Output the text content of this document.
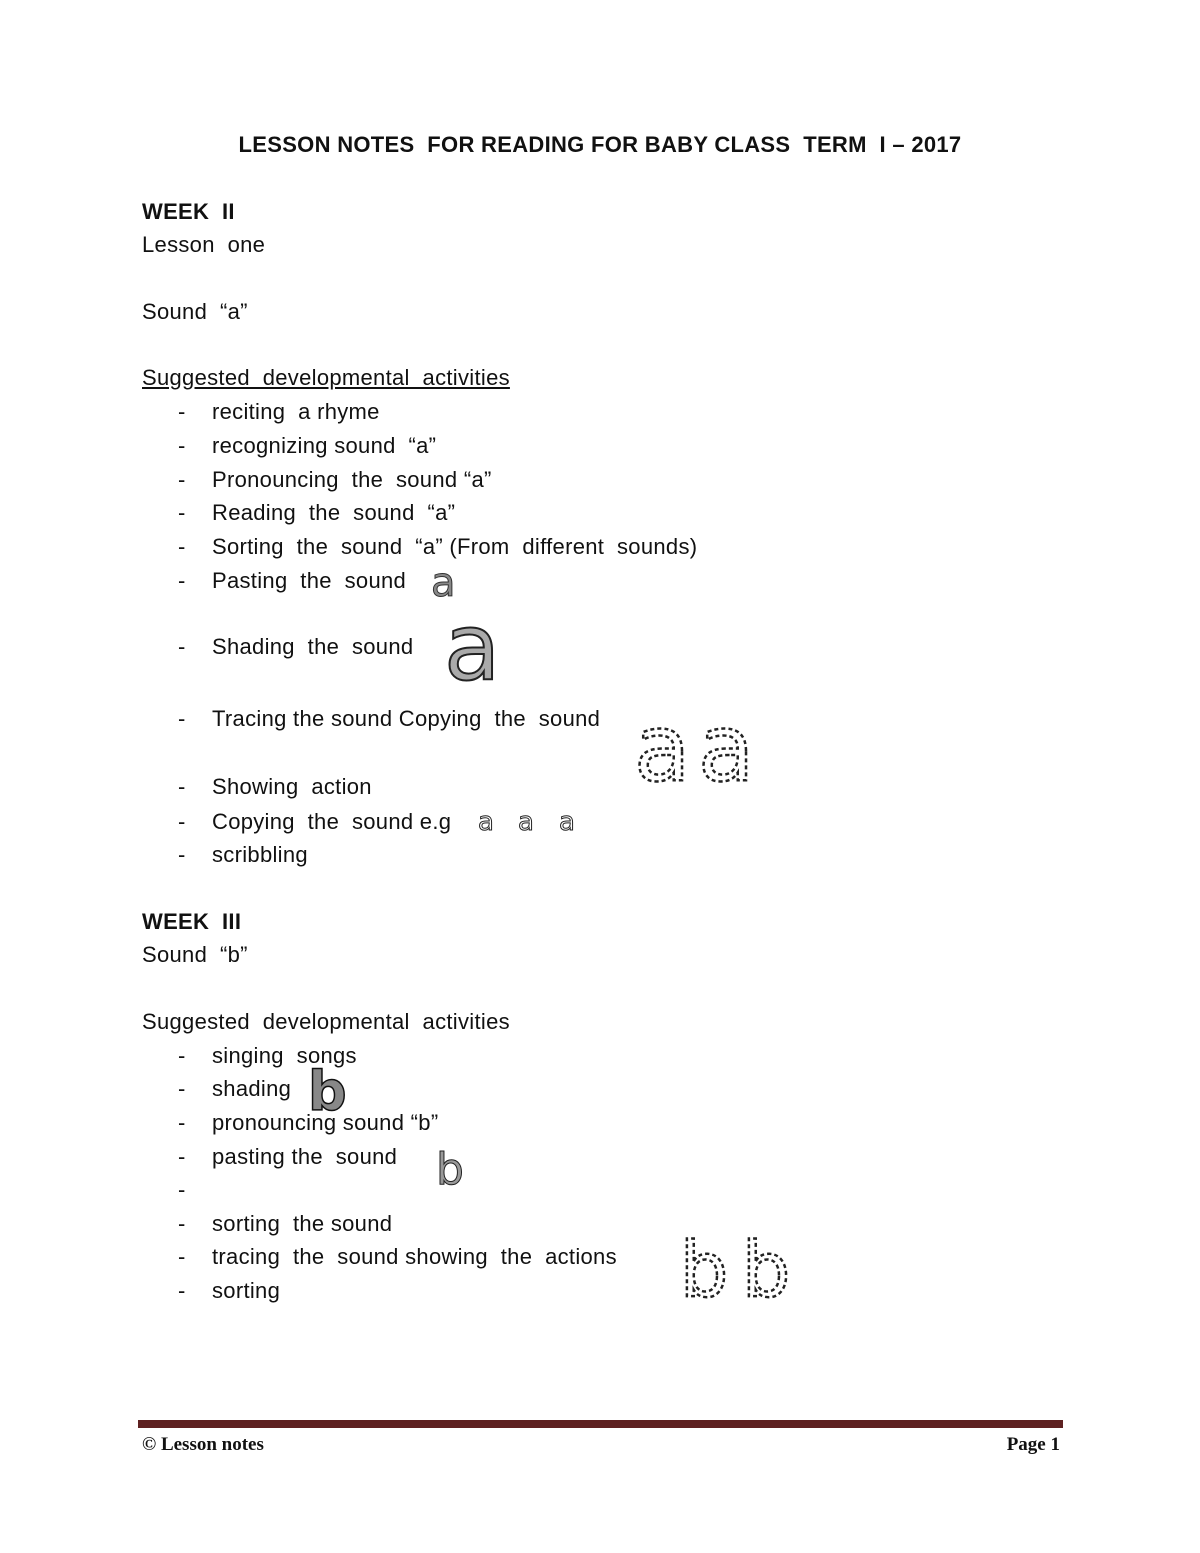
LESSON NOTES  FOR READING FOR BABY CLASS  TERM  I – 2017
WEEK  II
Lesson  one
Sound  “a”
Suggested  developmental  activities
- reciting  a rhyme
- recognizing sound  “a”
- Pronouncing  the  sound “a”
- Reading  the  sound  “a”
- Sorting  the  sound  “a” (From  different  sounds)
- Pasting  the  sound
- Shading  the  sound
- Tracing the sound Copying  the  sound
- Showing  action
- Copying  the  sound e.g
- scribbling
a
a
a a
a a a
WEEK  III
Sound  “b”
Suggested  developmental  activities
- singing  songs
- shading
- pronouncing sound “b”
- pasting the  sound
-
- sorting  the sound
- tracing  the  sound showing  the  actions
- sorting
b
b
b b
© Lesson notes	Page 1
